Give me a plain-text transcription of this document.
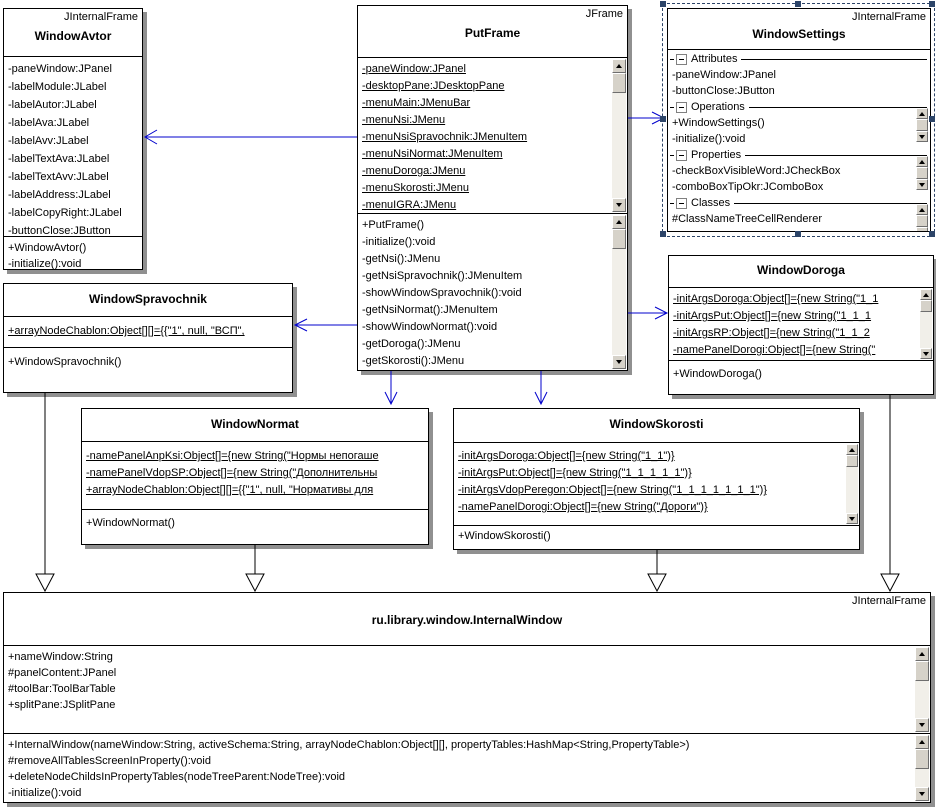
JInternalFrame
WindowAvtor
-paneWindow:JPanel
-labelModule:JLabel
-labelAutor:JLabel
-labelAva:JLabel
-labelAvv:JLabel
-labelTextAva:JLabel
-labelTextAvv:JLabel
-labelAddress:JLabel
-labelCopyRight:JLabel
-buttonClose:JButton
+WindowAvtor()
-initialize():void
JFrame
PutFrame
-paneWindow:JPanel
-desktopPane:JDesktopPane
-menuMain:JMenuBar
-menuNsi:JMenu
-menuNsiSpravochnik:JMenuItem
-menuNsiNormat:JMenuItem
-menuDoroga:JMenu
-menuSkorosti:JMenu
-menuIGRA:JMenu
+PutFrame()
-initialize():void
-getNsi():JMenu
-getNsiSpravochnik():JMenuItem
-showWindowSpravochnik():void
-getNsiNormat():JMenuItem
-showWindowNormat():void
-getDoroga():JMenu
-getSkorosti():JMenu
JInternalFrame
WindowSettings
Attributes
-paneWindow:JPanel
-buttonClose:JButton
Operations
+WindowSettings()
-initialize():void
Properties
-checkBoxVisibleWord:JCheckBox
-comboBoxTipOkr:JComboBox
Classes
#ClassNameTreeCellRenderer
WindowSpravochnik
+arrayNodeChablon:Object[][]={{"1", null, "ВСП",
+WindowSpravochnik()
WindowDoroga
-initArgsDoroga:Object[]={new String("1_1
-initArgsPut:Object[]={new String("1_1_1
-initArgsRP:Object[]={new String("1_1_2
-namePanelDorogi:Object[]={new String("
+WindowDoroga()
WindowNormat
-namePanelAnpKsi:Object[]={new String("Нормы непогаше
-namePanelVdopSP:Object[]={new String("Дополнительны
+arrayNodeChablon:Object[][]={{"1", null, "Нормативы для
+WindowNormat()
WindowSkorosti
-initArgsDoroga:Object[]={new String("1_1")}
-initArgsPut:Object[]={new String("1_1_1_1_1")}
-initArgsVdopPeregon:Object[]={new String("1_1_1_1_1_1_1")}
-namePanelDorogi:Object[]={new String("Дороги")}
+WindowSkorosti()
JInternalFrame
ru.library.window.InternalWindow
+nameWindow:String
#panelContent:JPanel
#toolBar:ToolBarTable
+splitPane:JSplitPane
+InternalWindow(nameWindow:String, activeSchema:String, arrayNodeChablon:Object[][], propertyTables:HashMap<String,PropertyTable>)
#removeAllTablesScreenInProperty():void
+deleteNodeChildsInPropertyTables(nodeTreeParent:NodeTree):void
-initialize():void
